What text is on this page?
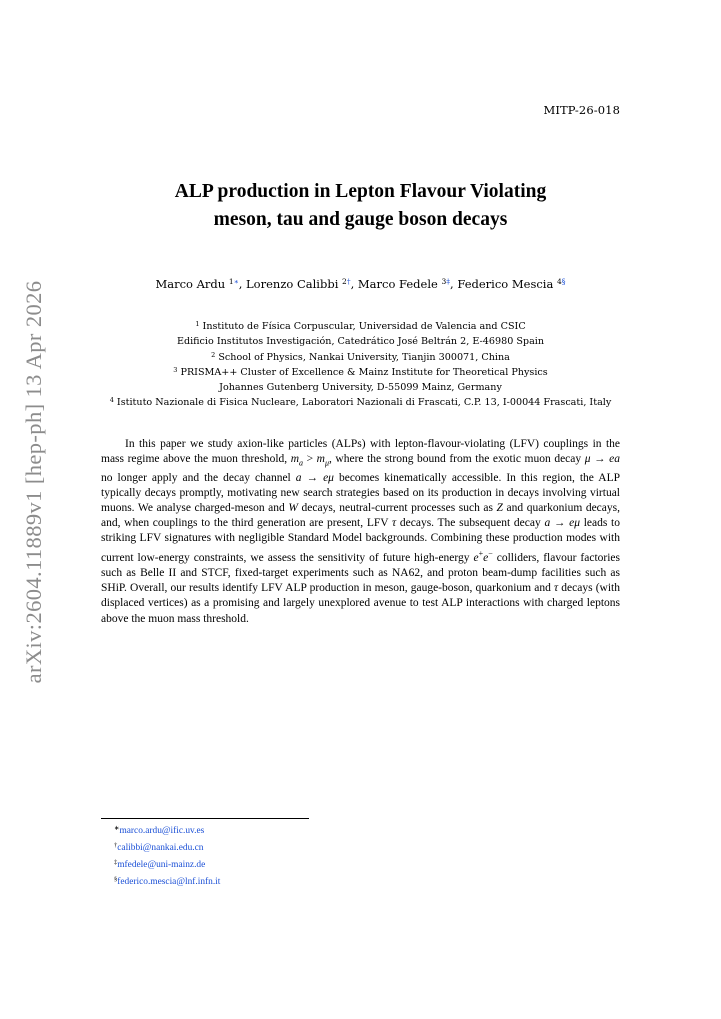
MITP-26-018
arXiv:2604.11889v1 [hep-ph] 13 Apr 2026
ALP production in Lepton Flavour Violating
meson, tau and gauge boson decays
Marco Ardu $^{1∗}$, Lorenzo Calibbi $^{2\dagger}$, Marco Fedele $^{3\ddagger}$, Federico Mescia $^{4\S}$
$^1$ Instituto de Física Corpuscular, Universidad de Valencia and CSIC
Edificio Institutos Investigación, Catedrático José Beltrán 2, E-46980 Spain
$^2$ School of Physics, Nankai University, Tianjin 300071, China
$^3$ PRISMA++ Cluster of Excellence & Mainz Institute for Theoretical Physics
Johannes Gutenberg University, D-55099 Mainz, Germany
$^4$ Istituto Nazionale di Fisica Nucleare, Laboratori Nazionali di Frascati, C.P. 13, I-00044 Frascati, Italy

In this paper we study axion-like particles (ALPs) with lepton-flavour-violating (LFV) couplings in the mass regime above the muon threshold, $m_a > m_\mu$, where the strong bound from the exotic muon decay μ → ea no longer apply and the decay channel a → eμ becomes kinematically accessible. In this region, the ALP typically decays promptly, motivating new search strategies based on its production in decays involving virtual muons. We analyse charged-meson and W decays, neutral-current processes such as Z and quarkonium decays, and, when couplings to the third generation are present, LFV τ decays. The subsequent decay a → eμ leads to striking LFV signatures with negligible Standard Model backgrounds. Combining these production modes with current low-energy constraints, we assess the sensitivity of future high-energy e+e− colliders, flavour factories such as Belle II and STCF, fixed-target experiments such as NA62, and proton beam-dump facilities such as SHiP. Overall, our results identify LFV ALP production in meson, gauge-boson, quarkonium and τ decays (with displaced vertices) as a promising and largely unexplored avenue to test ALP interactions with charged leptons above the muon mass threshold.

∗marco.ardu@ific.uv.es
†calibbi@nankai.edu.cn
‡mfedele@uni-mainz.de
§federico.mescia@lnf.infn.it
